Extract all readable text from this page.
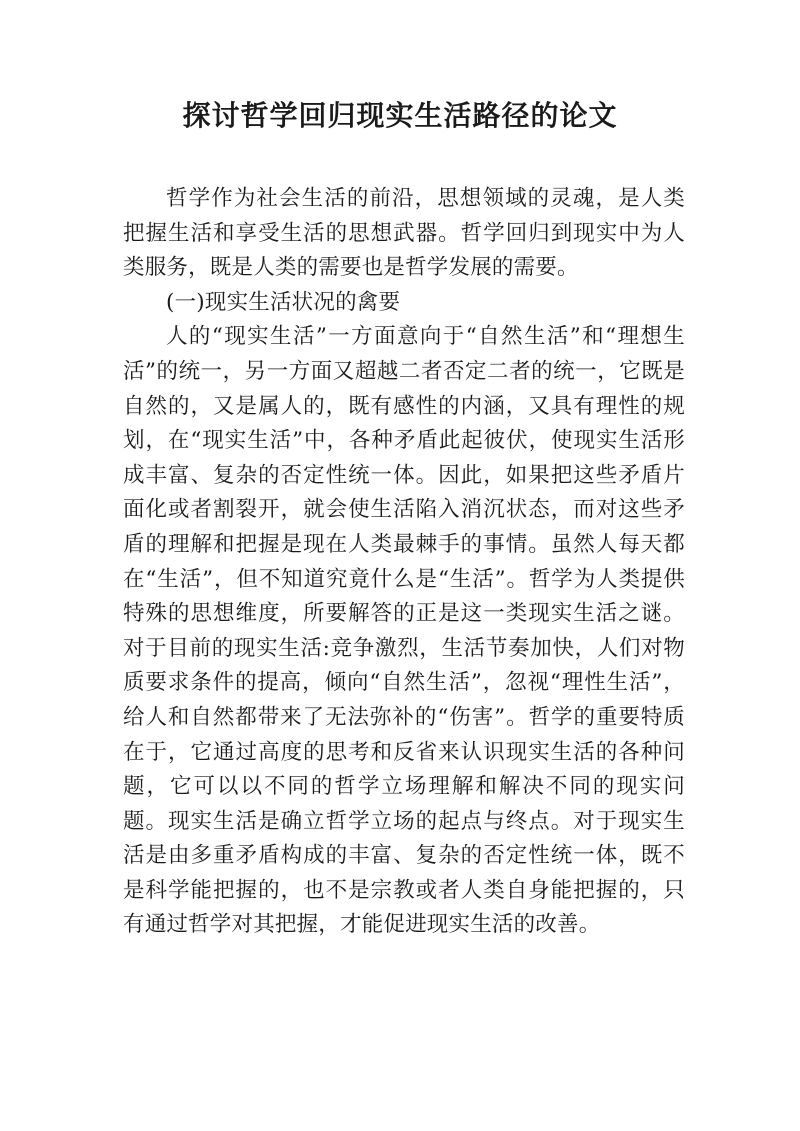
探讨哲学回归现实生活路径的论文

哲学作为社会生活的前沿，思想领域的灵魂，是人类把握生活和享受生活的思想武器。哲学回归到现实中为人类服务，既是人类的需要也是哲学发展的需要。

(一)现实生活状况的禽要

人的“现实生活”一方面意向于“自然生活”和“理想生活”的统一，另一方面又超越二者否定二者的统一，它既是自然的，又是属人的，既有感性的内涵，又具有理性的规划，在“现实生活”中，各种矛盾此起彼伏，使现实生活形成丰富、复杂的否定性统一体。因此，如果把这些矛盾片面化或者割裂开，就会使生活陷入消沉状态，而对这些矛盾的理解和把握是现在人类最棘手的事情。虽然人每天都在“生活”，但不知道究竟什么是“生活”。哲学为人类提供特殊的思想维度，所要解答的正是这一类现实生活之谜。对于目前的现实生活:竞争激烈，生活节奏加快，人们对物质要求条件的提高，倾向“自然生活”，忽视“理性生活”，给人和自然都带来了无法弥补的“伤害”。哲学的重要特质在于，它通过高度的思考和反省来认识现实生活的各种问题，它可以以不同的哲学立场理解和解决不同的现实问题。现实生活是确立哲学立场的起点与终点。对于现实生活是由多重矛盾构成的丰富、复杂的否定性统一体，既不是科学能把握的，也不是宗教或者人类自身能把握的，只有通过哲学对其把握，才能促进现实生活的改善。
